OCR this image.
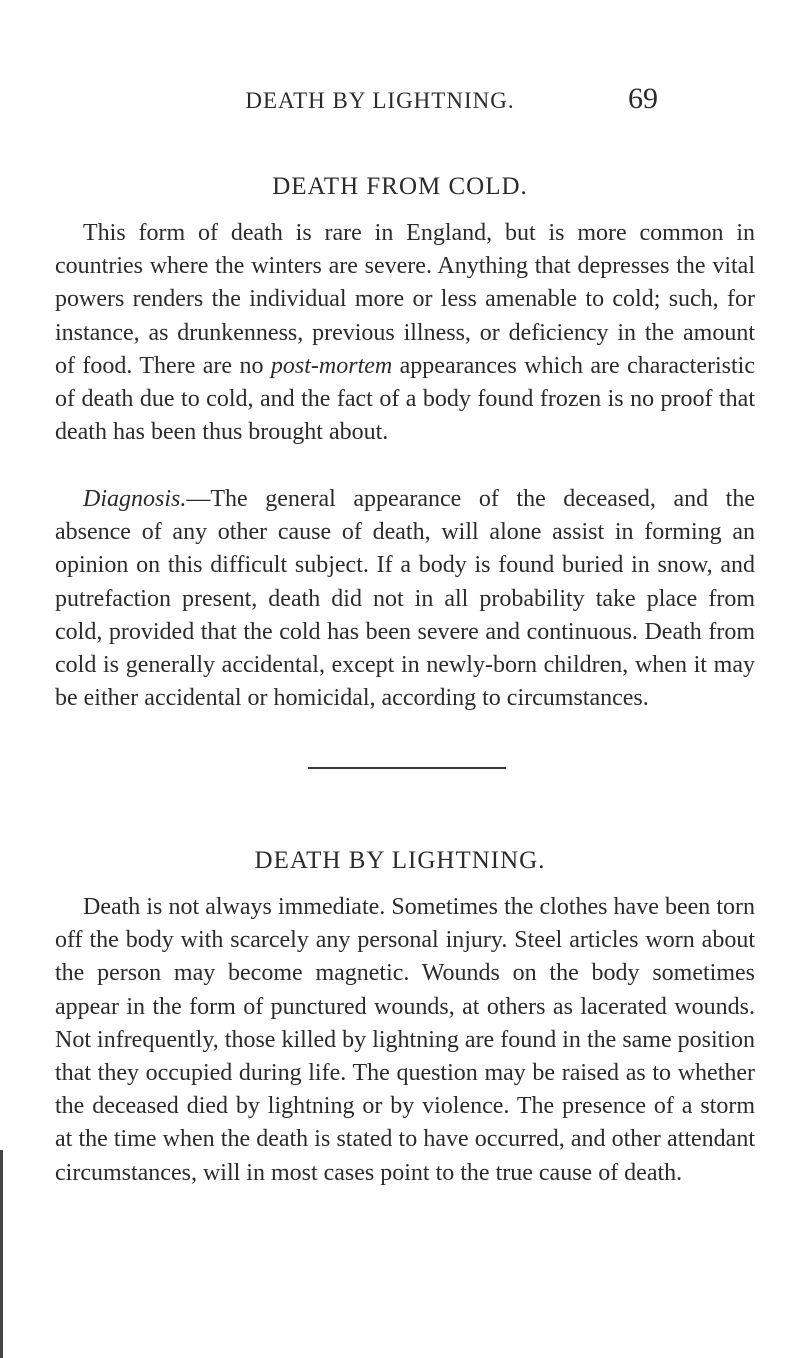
DEATH BY LIGHTNING.	69
DEATH FROM COLD.

This form of death is rare in England, but is more common in countries where the winters are severe. Anything that depresses the vital powers renders the individual more or less amenable to cold; such, for instance, as drunkenness, previous illness, or deficiency in the amount of food. There are no post-mortem appearances which are characteristic of death due to cold, and the fact of a body found frozen is no proof that death has been thus brought about.

Diagnosis.—The general appearance of the deceased, and the absence of any other cause of death, will alone assist in forming an opinion on this difficult subject. If a body is found buried in snow, and putrefaction present, death did not in all probability take place from cold, provided that the cold has been severe and continuous. Death from cold is generally accidental, except in newly-born children, when it may be either accidental or homicidal, according to circumstances.

DEATH BY LIGHTNING.

Death is not always immediate. Sometimes the clothes have been torn off the body with scarcely any personal injury. Steel articles worn about the person may become magnetic. Wounds on the body sometimes appear in the form of punctured wounds, at others as lacerated wounds. Not infrequently, those killed by lightning are found in the same position that they occupied during life. The question may be raised as to whether the deceased died by lightning or by violence. The presence of a storm at the time when the death is stated to have occurred, and other attendant circumstances, will in most cases point to the true cause of death.
